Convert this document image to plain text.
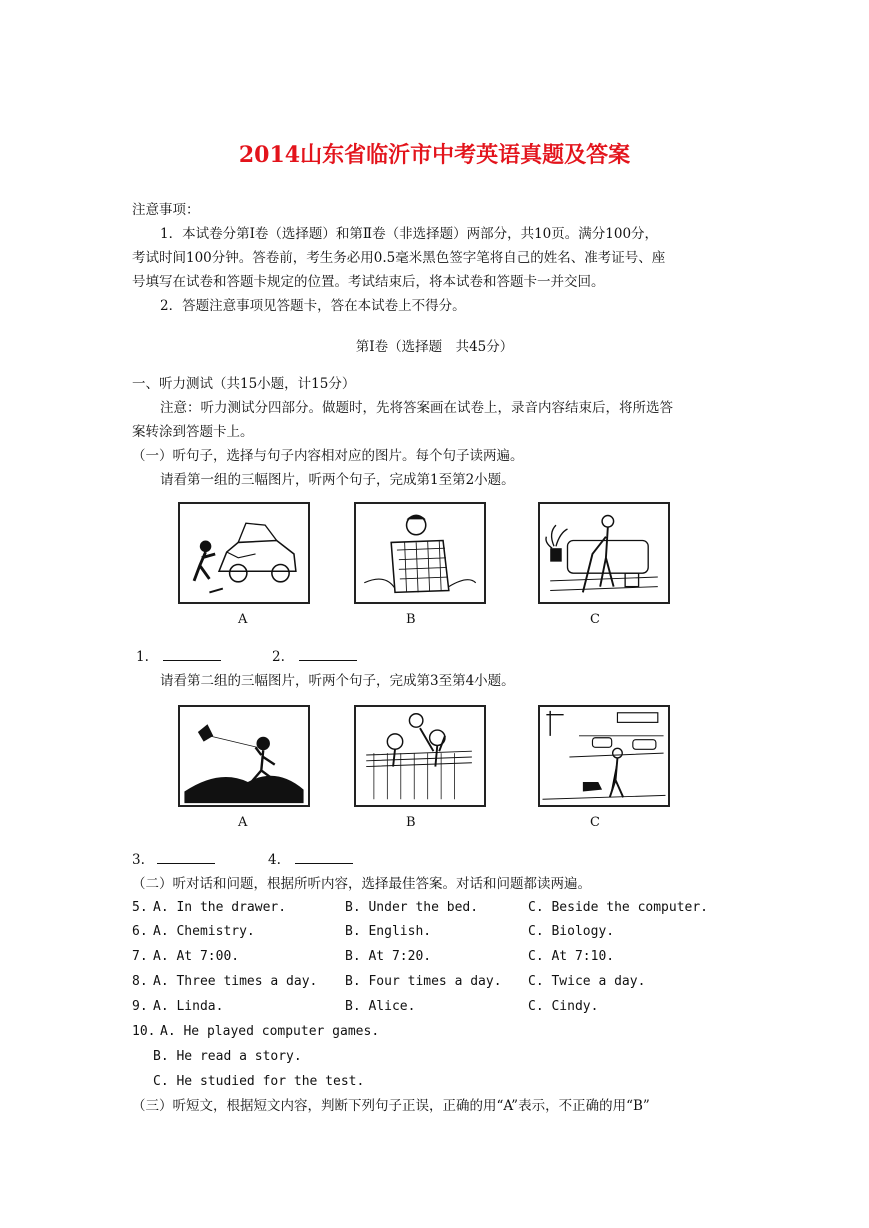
2014山东省临沂市中考英语真题及答案
注意事项：
1．本试卷分第Ⅰ卷（选择题）和第Ⅱ卷（非选择题）两部分，共10页。满分100分，
考试时间100分钟。答卷前，考生务必用0.5毫米黑色签字笔将自己的姓名、准考证号、座
号填写在试卷和答题卡规定的位置。考试结束后，将本试卷和答题卡一并交回。
2．答题注意事项见答题卡，答在本试卷上不得分。
第Ⅰ卷（选择题　共45分）
一、听力测试（共15小题，计15分）
注意：听力测试分四部分。做题时，先将答案画在试卷上，录音内容结束后，将所选答
案转涂到答题卡上。
（一）听句子，选择与句子内容相对应的图片。每个句子读两遍。
请看第一组的三幅图片，听两个句子，完成第1至第2小题。
A	B	C
1.	2.
请看第二组的三幅图片，听两个句子，完成第3至第4小题。
A	B	C
3.	4.
（二）听对话和问题，根据所听内容，选择最佳答案。对话和问题都读两遍。
5. A. In the drawer.	B. Under the bed.	C. Beside the computer.
6. A. Chemistry.	B. English.	C. Biology.
7. A. At 7:00.	B. At 7:20.	C. At 7:10.
8. A. Three times a day. B. Four times a day. C. Twice a day.
9. A. Linda.	B. Alice.	C. Cindy.
10. A. He played computer games.
B. He read a story.
C. He studied for the test.
（三）听短文，根据短文内容，判断下列句子正误，正确的用“A”表示，不正确的用“B”
